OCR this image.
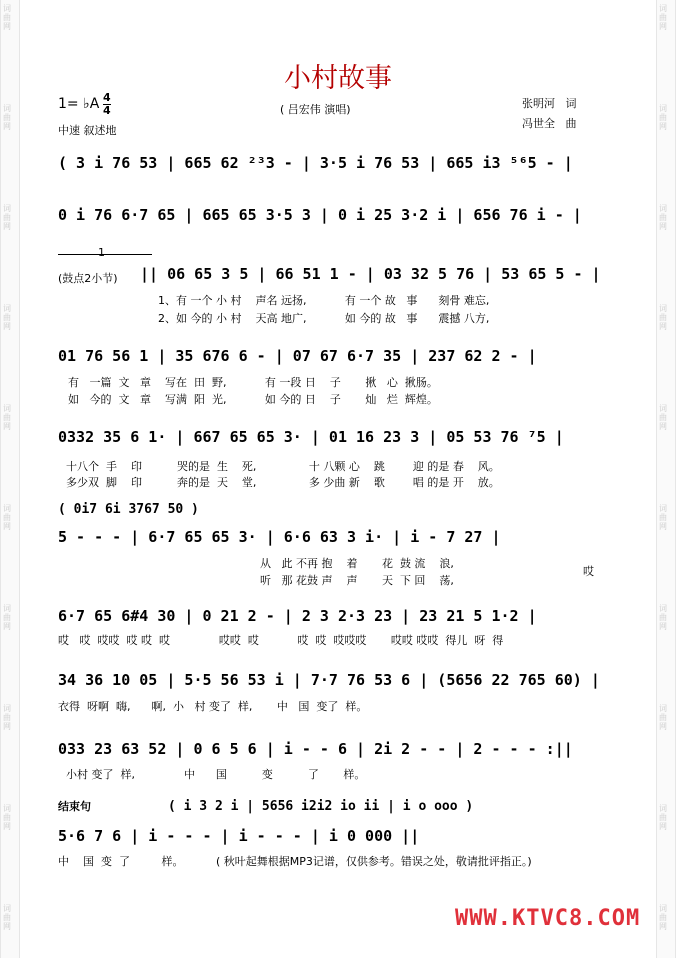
词曲网
词曲网
词曲网
词曲网
词曲网
词曲网
词曲网
词曲网
词曲网
词曲网
词曲网
词曲网
词曲网
词曲网
词曲网
词曲网
词曲网
词曲网
词曲网
词曲网
小村故事
1= ♭A 4
4
中速 叙述地
( 吕宏伟 演唱)	张明河   词
冯世全   曲
( 3 i 76 53 | 665 62 ²³3 - | 3·5 i 76 53 | 665 i3 ⁵⁶5 - |
0 i 76 6·7 65 | 665 65 3·5 3 | 0 i 25 3·2 i | 656 76 i - |
1
(鼓点2小节) || 06 65 3 5 | 66 51 1 - | 03 32 5 76 | 53 65 5 - |
1、有 一个 小 村    声名 远扬,           有 一个 故   事      刻骨 难忘,
2、如 今的 小 村    天高 地广,           如 今的 故   事      震撼 八方,
01 76 56 1 | 35 676 6 - | 07 67 6·7 35 | 237 62 2 - |
有   一篇  文   章    写在  田  野,           有 一段 日    子       揪   心  揪肠。
如   今的  文   章    写满  阳  光,           如 今的 日    子       灿   烂  辉煌。
0332 35 6 1· | 667 65 65 3· | 01 16 23 3 | 05 53 76 ⁷5 |
十八个  手    印          哭的是  生    死,               十 八颗 心    跳        迎 的是 春    风。
多少双  脚    印          奔的是  天    堂,               多 少曲 新    歌        唱 的是 开    放。
( 0i7 6i 3767 50 )
5 - - - | 6·7 65 65 3· | 6·6 63 3 i· | i - 7 27 |
从   此 不再 抱    着       花  鼓 流    浪,
听   那 花鼓 声    声       天  下 回    荡,
哎
6·7 65 6#4 30 | 0 21 2 - | 2 3 2·3 23 | 23 21 5 1·2 |
哎   哎  哎哎  哎 哎  哎              哎哎  哎           哎  哎  哎哎哎       哎哎 哎哎  得儿  呀  得
34 36 10 05 | 5·5 56 53 i | 7·7 76 53 6 | (5656 22 765 60) |
衣得  呀啊  嗨,      啊,  小   村 变了  样,       中   国  变了  样。
033 23 63 52 | 0 6 5 6 | i - - 6 | 2i 2 - - | 2 - - - :||
小村 变了  样,              中      国          变          了       样。
结束句	( i 3 2 i | 5656 i2i2 io ii | i o ooo )
5·6 7 6 | i - - - | i - - - | i 0 000 ||
中    国  变  了         样。	( 秋叶起舞根据MP3记谱，仅供参考。错误之处，敬请批评指正。)
WWW.KTVC8.COM
